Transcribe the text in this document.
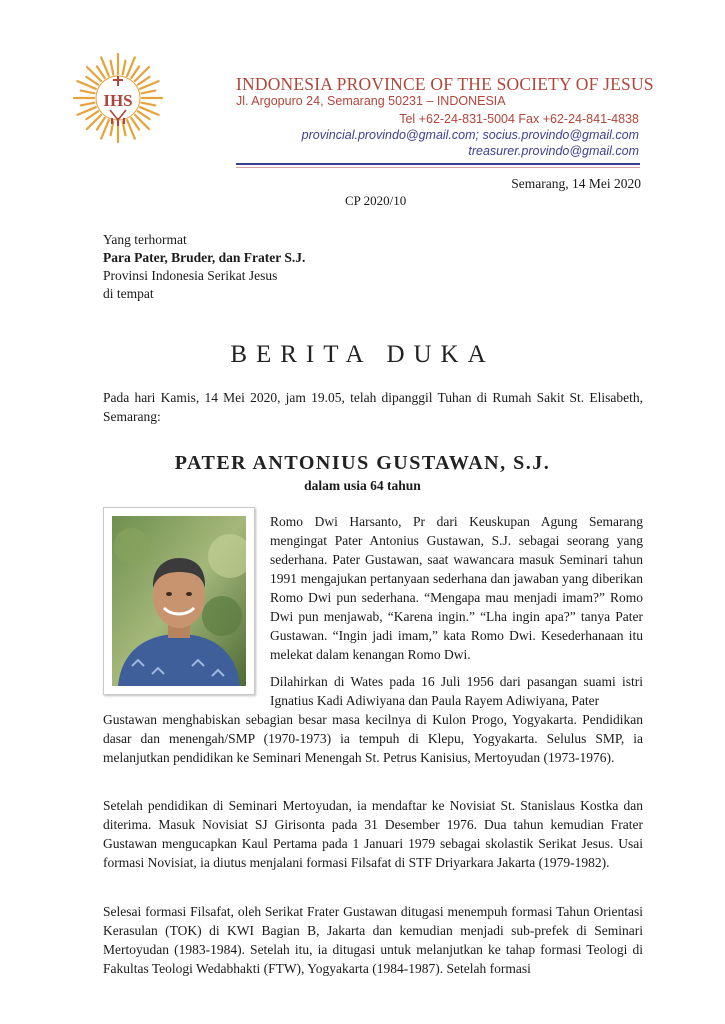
IHS
INDONESIA PROVINCE OF THE SOCIETY OF JESUS
Jl. Argopuro 24, Semarang 50231 – INDONESIA
Tel +62-24-831-5004 Fax +62-24-841-4838
provincial.provindo@gmail.com; socius.provindo@gmail.com
treasurer.provindo@gmail.com
Semarang, 14 Mei 2020
CP 2020/10
Yang terhormat
Para Pater, Bruder, dan Frater S.J.
Provinsi Indonesia Serikat Jesus
di tempat
BERITA DUKA
Pada hari Kamis, 14 Mei 2020, jam 19.05, telah dipanggil Tuhan di Rumah Sakit St. Elisabeth, Semarang:
PATER ANTONIUS GUSTAWAN, S.J.
dalam usia 64 tahun
Romo Dwi Harsanto, Pr dari Keuskupan Agung Semarang mengingat Pater Antonius Gustawan, S.J. sebagai seorang yang sederhana. Pater Gustawan, saat wawancara masuk Seminari tahun 1991 mengajukan pertanyaan sederhana dan jawaban yang diberikan Romo Dwi pun sederhana. “Mengapa mau menjadi imam?” Romo Dwi pun menjawab, “Karena ingin.” “Lha ingin apa?” tanya Pater Gustawan. “Ingin jadi imam,” kata Romo Dwi. Kesederhanaan itu melekat dalam kenangan Romo Dwi.
Dilahirkan di Wates pada 16 Juli 1956 dari pasangan suami istri Ignatius Kadi Adiwiyana dan Paula Rayem Adiwiyana, Pater
Gustawan menghabiskan sebagian besar masa kecilnya di Kulon Progo, Yogyakarta. Pendidikan dasar dan menengah/SMP (1970-1973) ia tempuh di Klepu, Yogyakarta. Selulus SMP, ia melanjutkan pendidikan ke Seminari Menengah St. Petrus Kanisius, Mertoyudan (1973-1976).
Setelah pendidikan di Seminari Mertoyudan, ia mendaftar ke Novisiat St. Stanislaus Kostka dan diterima. Masuk Novisiat SJ Girisonta pada 31 Desember 1976. Dua tahun kemudian Frater Gustawan mengucapkan Kaul Pertama pada 1 Januari 1979 sebagai skolastik Serikat Jesus. Usai formasi Novisiat, ia diutus menjalani formasi Filsafat di STF Driyarkara Jakarta (1979-1982).
Selesai formasi Filsafat, oleh Serikat Frater Gustawan ditugasi menempuh formasi Tahun Orientasi Kerasulan (TOK) di KWI Bagian B, Jakarta dan kemudian menjadi sub-prefek di Seminari Mertoyudan (1983-1984). Setelah itu, ia ditugasi untuk melanjutkan ke tahap formasi Teologi di Fakultas Teologi Wedabhakti (FTW), Yogyakarta (1984-1987). Setelah formasi
